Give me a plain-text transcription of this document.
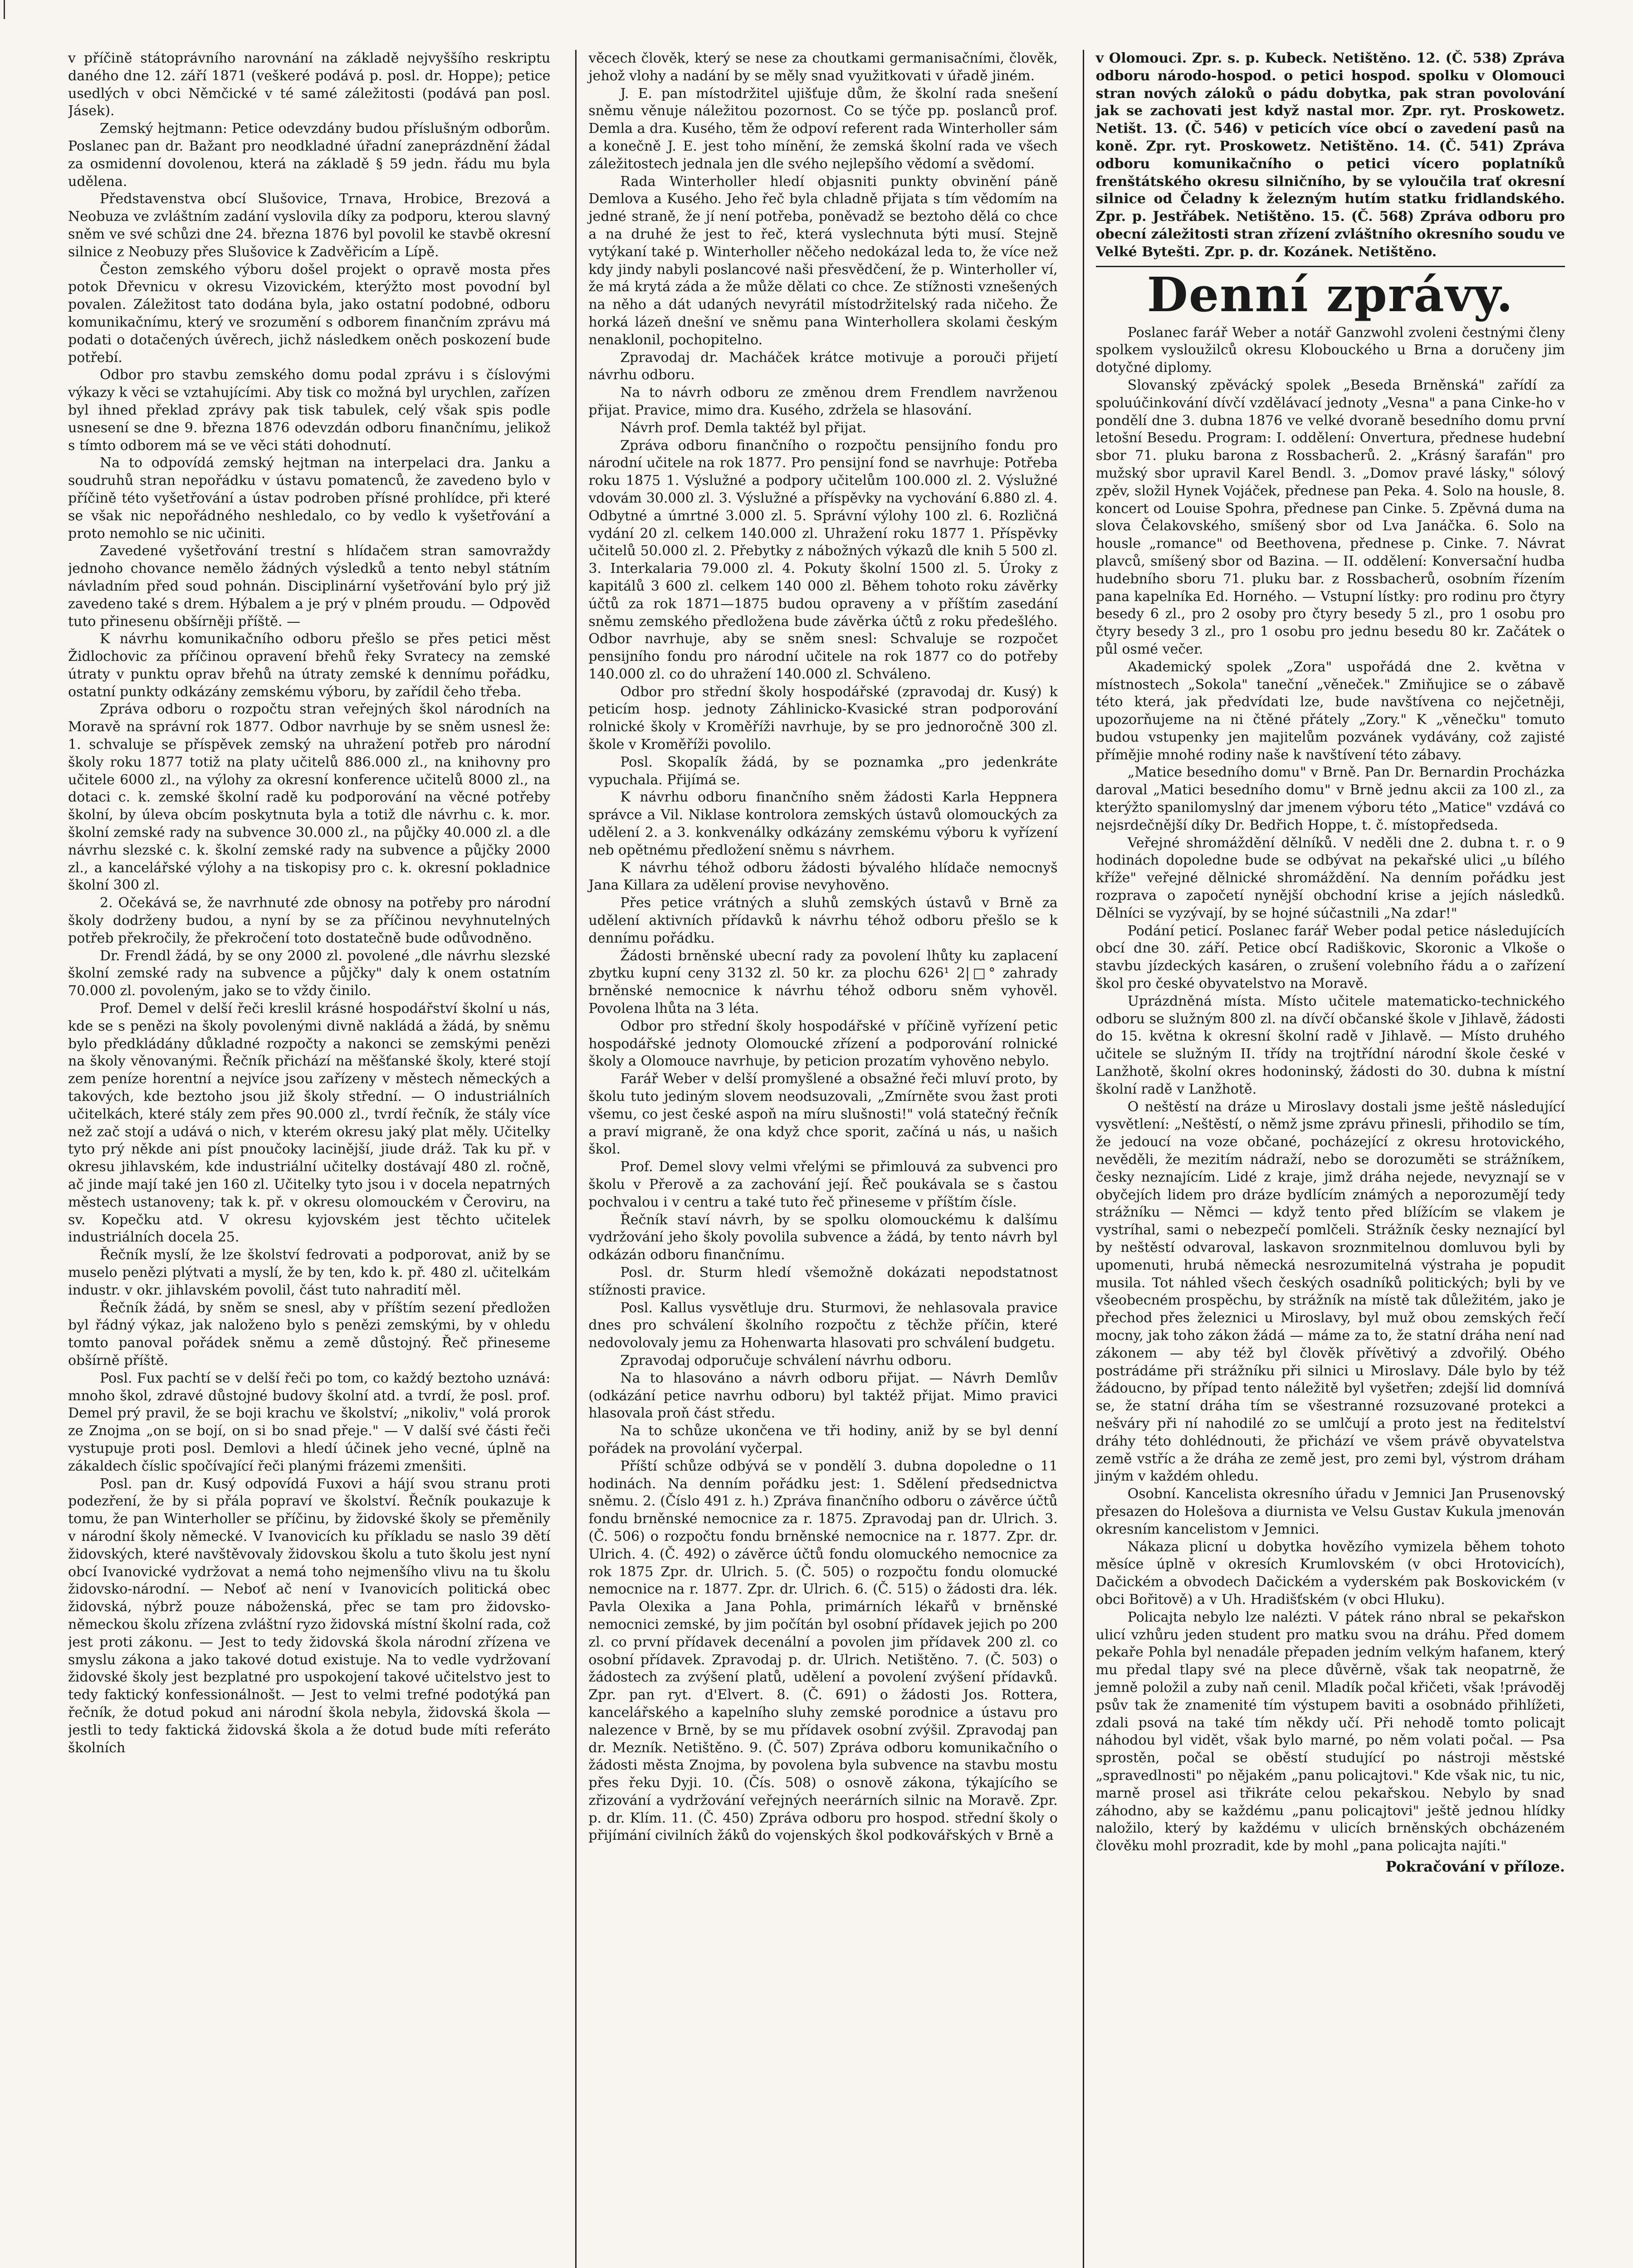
v příčině státoprávního narovnání na základě nejvyššího reskriptu daného dne 12. září 1871 (veškeré podává p. posl. dr. Hoppe); petice usedlých v obci Němčické v té samé záležitosti (podává pan posl. Jásek).

Zemský hejtmann: Petice odevzdány budou příslušným odborům. Poslanec pan dr. Bažant pro neodkladné úřadní zaneprázdnění žádal za osmidenní dovolenou, která na základě § 59 jedn. řádu mu byla udělena.

Představenstva obcí Slušovice, Trnava, Hrobice, Brezová a Neobuza ve zvláštním zadání vyslovila díky za podporu, kterou slavný sněm ve své schůzi dne 24. března 1876 byl povolil ke stavbě okresní silnice z Neobuzy přes Slušovice k Zadvěřicím a Lípě.

Česton zemského výboru došel projekt o opravě mosta přes potok Dřevnicu v okresu Vizovickém, kterýžto most povodní byl povalen. Záležitost tato dodána byla, jako ostatní podobné, odboru komunikačnímu, který ve srozumění s odborem finančním zprávu má podati o dotačených úvěrech, jichž následkem oněch poskození bude potřebí.

Odbor pro stavbu zemského domu podal zprávu i s číslovými výkazy k věci se vztahujícími. Aby tisk co možná byl urychlen, zařízen byl ihned překlad zprávy pak tisk tabulek, celý však spis podle usnesení se dne 9. března 1876 odevzdán odboru finančnímu, jelikož s tímto odborem má se ve věci státi dohodnutí.

Na to odpovídá zemský hejtman na interpelaci dra. Janku a soudruhů stran nepořádku v ústavu pomatenců, že zavedeno bylo v příčině této vyšetřování a ústav podroben přísné prohlídce, při které se však nic nepořádného neshledalo, co by vedlo k vyšetřování a proto nemohlo se nic učiniti.

Zavedené vyšetřování trestní s hlídačem stran samovraždy jednoho chovance nemělo žádných výsledků a tento nebyl státním návladním před soud pohnán. Disciplinární vyšetřování bylo prý již zavedeno také s drem. Hýbalem a je prý v plném proudu. — Odpověď tuto přinesenu obšírněji příště. —

K návrhu komunikačního odboru přešlo se přes petici měst Židlochovic za příčinou opravení břehů řeky Svratecy na zemské útraty v punktu oprav břehů na útraty zemské k dennímu pořádku, ostatní punkty odkázány zemskému výboru, by zařídil čeho třeba.

Zpráva odboru o rozpočtu stran veřejných škol národních na Moravě na správní rok 1877. Odbor navrhuje by se sněm usnesl že: 1. schvaluje se příspěvek zemský na uhražení potřeb pro národní školy roku 1877 totiž na platy učitelů 886.000 zl., na knihovny pro učitele 6000 zl., na výlohy za okresní konference učitelů 8000 zl., na dotaci c. k. zemské školní radě ku podporování na věcné potřeby školní, by úleva obcím poskytnuta byla a totiž dle návrhu c. k. mor. školní zemské rady na subvence 30.000 zl., na půjčky 40.000 zl. a dle návrhu slezské c. k. školní zemské rady na subvence a půjčky 2000 zl., a kancelářské výlohy a na tiskopisy pro c. k. okresní pokladnice školní 300 zl.

2. Očekává se, že navrhnuté zde obnosy na potřeby pro národní školy dodrženy budou, a nyní by se za příčinou nevyhnutelných potřeb překročily, že překročení toto dostatečně bude odůvodněno.

Dr. Frendl žádá, by se ony 2000 zl. povolené „dle návrhu slezské školní zemské rady na subvence a půjčky" daly k onem ostatním 70.000 zl. povoleným, jako se to vždy činilo.

Prof. Demel v delší řeči kreslil krásné hospodářství školní u nás, kde se s penězi na školy povolenými divně nakládá a žádá, by sněmu bylo předkládány důkladné rozpočty a nakonci se zemskými penězi na školy věnovanými. Řečník přichází na měšťanské školy, které stojí zem peníze horentní a nejvíce jsou zařízeny v městech německých a takových, kde beztoho jsou již školy střední. — O industriálních učitelkách, které stály zem přes 90.000 zl., tvrdí řečník, že stály více než zač stojí a udává o nich, v kterém okresu jaký plat měly. Učitelky tyto prý někde ani píst pnoučoky lacinější, jiude dráž. Tak ku př. v okresu jihlavském, kde industriální učitelky dostávají 480 zl. ročně, ač jinde mají také jen 160 zl. Učitelky tyto jsou i v docela nepatrných městech ustanoveny; tak k. př. v okresu olomouckém v Čeroviru, na sv. Kopečku atd. V okresu kyjovském jest těchto učitelek industriálních docela 25.

Řečník myslí, že lze školství fedrovati a podporovat, aniž by se muselo penězi plýtvati a myslí, že by ten, kdo k. př. 480 zl. učitelkám industr. v okr. jihlavském povolil, část tuto nahradití měl.

Řečník žádá, by sněm se snesl, aby v příštím sezení předložen byl řádný výkaz, jak naloženo bylo s penězi zemskými, by v ohledu tomto panoval pořádek sněmu a země důstojný. Řeč přineseme obšírně příště.

Posl. Fux pachtí se v delší řeči po tom, co každý beztoho uznává: mnoho škol, zdravé důstojné budovy školní atd. a tvrdí, že posl. prof. Demel prý pravil, že se boji krachu ve školství; „nikoliv," volá prorok ze Znojma „on se bojí, on si bo snad přeje." — V další své části řeči vystupuje proti posl. Demlovi a hledí účinek jeho vecné, úplně na zákaldech číslic spočívající řeči planými frázemi zmenšiti.

Posl. pan dr. Kusý odpovídá Fuxovi a hájí svou stranu proti podezření, že by si přála popraví ve školství. Řečník poukazuje k tomu, že pan Winterholler se příčinu, by židovské školy se přeměnily v národní školy německé. V Ivanovicích ku příkladu se naslo 39 dětí židovských, které navštěvovaly židovskou školu a tuto školu jest nyní obcí Ivanovické vydržovat a nemá toho nejmenšího vlivu na tu školu židovsko-národní. — Neboť ač není v Ivanovicích politická obec židovská, nýbrž pouze náboženská, přec se tam pro židovsko-německou školu zřízena zvláštní ryzo židovská místní školní rada, což jest proti zákonu. — Jest to tedy židovská škola národní zřízena ve smyslu zákona a jako takové dotud existuje. Na to vedle vydržovaní židovské školy jest bezplatné pro uspokojení takové učitelstvo jest to tedy faktický konfessionálnošt. — Jest to velmi trefné podotýká pan řečník, že dotud pokud ani národní škola nebyla, židovská škola — jestli to tedy faktická židovská škola a že dotud bude míti referáto školních

věcech člověk, který se nese za choutkami germanisačními, člověk, jehož vlohy a nadání by se měly snad využitkovati v úřadě jiném.

J. E. pan místodržitel ujišťuje dům, že školní rada snešení sněmu věnuje náležitou pozornost. Co se týče pp. poslanců prof. Demla a dra. Kusého, těm že odpoví referent rada Winterholler sám a konečně J. E. jest toho mínění, že zemská školní rada ve všech záležitostech jednala jen dle svého nejlepšího vědomí a svědomí.

Rada Winterholler hledí objasniti punkty obvinění páně Demlova a Kusého. Jeho řeč byla chladně přijata s tím vědomím na jedné straně, že jí není potřeba, poněvadž se beztoho dělá co chce a na druhé že jest to řeč, která vyslechnuta býti musí. Stejně vytýkaní také p. Winterholler něčeho nedokázal leda to, že více než kdy jindy nabyli poslancové naši přesvědčení, že p. Winterholler ví, že má krytá záda a že může dělati co chce. Ze stížnosti vznešených na něho a dát udaných nevyrátil místodržitelský rada ničeho. Že horká lázeň dnešní ve sněmu pana Winterhollera skolami českým nenaklonil, pochopitelno.

Zpravodaj dr. Macháček krátce motivuje a porouči přijetí návrhu odboru.

Na to návrh odboru ze změnou drem Frendlem navrženou přijat. Pravice, mimo dra. Kusého, zdržela se hlasování.

Návrh prof. Demla taktéž byl přijat.

Zpráva odboru finančního o rozpočtu pensijního fondu pro národní učitele na rok 1877. Pro pensijní fond se navrhuje: Potřeba roku 1875 1. Výslužné a podpory učitelům 100.000 zl. 2. Výslužné vdovám 30.000 zl. 3. Výslužné a příspěvky na vychování 6.880 zl. 4. Odbytné a úmrtné 3.000 zl. 5. Správní výlohy 100 zl. 6. Rozličná vydání 20 zl. celkem 140.000 zl. Uhražení roku 1877 1. Příspěvky učitelů 50.000 zl. 2. Přebytky z nábožných výkazů dle knih 5 500 zl. 3. Interkalaria 79.000 zl. 4. Pokuty školní 1500 zl. 5. Úroky z kapitálů 3 600 zl. celkem 140 000 zl. Během tohoto roku závěrky účtů za rok 1871—1875 budou opraveny a v příštím zasedání sněmu zemského předložena bude závěrka účtů z roku předešlého. Odbor navrhuje, aby se sněm snesl: Schvaluje se rozpočet pensijního fondu pro národní učitele na rok 1877 co do potřeby 140.000 zl. co do uhražení 140.000 zl. Schváleno.

Odbor pro střední školy hospodářské (zpravodaj dr. Kusý) k peticím hosp. jednoty Záhlinicko-Kvasické stran podporování rolnické školy v Kroměříži navrhuje, by se pro jednoročně 300 zl. škole v Kroměříži povolilo.

Posl. Skopalík žádá, by se poznamka „pro jedenkráte vypuchala. Přijímá se.

K návrhu odboru finančního sněm žádosti Karla Heppnera správce a Vil. Niklase kontrolora zemských ústavů olomouckých za udělení 2. a 3. konkvenálky odkázány zemskému výboru k vyřízení neb opětnému předložení sněmu s návrhem.

K návrhu téhož odboru žádosti bývalého hlídače nemocnyš Jana Killara za udělení provise nevyhověno.

Přes petice vrátných a sluhů zemských ústavů v Brně za udělení aktivních přídavků k návrhu téhož odboru přešlo se k dennímu pořádku.

Žádosti brněnské ubecní rady za povolení lhůty ku zaplacení zbytku kupní ceny 3132 zl. 50 kr. za plochu 626¹ 2|□° zahrady brněnské nemocnice k návrhu téhož odboru sněm vyhověl. Povolena lhůta na 3 léta.

Odbor pro střední školy hospodářské v příčině vyřízení petic hospodářské jednoty Olomoucké zřízení a podporování rolnické školy a Olomouce navrhuje, by peticion prozatím vyhověno nebylo.

Farář Weber v delší promyšlené a obsažné řeči mluví proto, by školu tuto jediným slovem neodsuzovali, „Zmírněte svou žast proti všemu, co jest české aspoň na míru slušnosti!" volá statečný řečník a praví migraně, že ona když chce sporit, začíná u nás, u našich škol.

Prof. Demel slovy velmi vřelými se přimlouvá za subvenci pro školu v Přerově a za zachování její. Řeč poukávala se s častou pochvalou i v centru a také tuto řeč přineseme v příštím čísle.

Řečník staví návrh, by se spolku olomouckému k dalšímu vydržování jeho školy povolila subvence a žádá, by tento návrh byl odkázán odboru finančnímu.

Posl. dr. Sturm hledí všemožně dokázati nepodstatnost stížnosti pravice.

Posl. Kallus vysvětluje dru. Sturmovi, že nehlasovala pravice dnes pro schválení školního rozpočtu z těchže příčin, které nedovolovaly jemu za Hohenwarta hlasovati pro schválení budgetu.

Zpravodaj odporučuje schválení návrhu odboru.

Na to hlasováno a návrh odboru přijat. — Návrh Demlův (odkázání petice navrhu odboru) byl taktéž přijat. Mimo pravici hlasovala proň část středu.

Na to schůze ukončena ve tři hodiny, aniž by se byl denní pořádek na provolání vyčerpal.

Příští schůze odbývá se v pondělí 3. dubna dopoledne o 11 hodinách. Na denním pořádku jest: 1. Sdělení předsednictva sněmu. 2. (Číslo 491 z. h.) Zpráva finančního odboru o závěrce účtů fondu brněnské nemocnice za r. 1875. Zpravodaj pan dr. Ulrich. 3. (Č. 506) o rozpočtu fondu brněnské nemocnice na r. 1877. Zpr. dr. Ulrich. 4. (Č. 492) o závěrce účtů fondu olomuckého nemocnice za rok 1875 Zpr. dr. Ulrich. 5. (Č. 505) o rozpočtu fondu olomucké nemocnice na r. 1877. Zpr. dr. Ulrich. 6. (Č. 515) o žádosti dra. lék. Pavla Olexika a Jana Pohla, primárních lékařů v brněnské nemocnici zemské, by jim počítán byl osobní přídavek jejich po 200 zl. co první přídavek decenální a povolen jim přídavek 200 zl. co osobní přídavek. Zpravodaj p. dr. Ulrich. Netištěno. 7. (Č. 503) o žádostech za zvýšení platů, udělení a povolení zvýšení přídavků. Zpr. pan ryt. d'Elvert. 8. (Č. 691) o žádosti Jos. Rottera, kancelářského a kapelního sluhy zemské porodnice a ústavu pro nalezence v Brně, by se mu přídavek osobní zvýšil. Zpravodaj pan dr. Mezník. Netištěno. 9. (Č. 507) Zpráva odboru komunikačního o žádosti města Znojma, by povolena byla subvence na stavbu mostu přes řeku Dyji. 10. (Čís. 508) o osnově zákona, týkajícího se zřizování a vydržování veřejných neerárních silnic na Moravě. Zpr. p. dr. Klím. 11. (Č. 450) Zpráva odboru pro hospod. střední školy o přijímání civilních žáků do vojenských škol podkovářských v Brně a

v Olomouci. Zpr. s. p. Kubeck. Netištěno. 12. (Č. 538) Zpráva odboru národo-hospod. o petici hospod. spolku v Olomouci stran nových záloků o pádu dobytka, pak stran povolování jak se zachovati jest když nastal mor. Zpr. ryt. Proskowetz. Netišt. 13. (Č. 546) v peticích více obcí o zavedení pasů na koně. Zpr. ryt. Proskowetz. Netištěno. 14. (Č. 541) Zpráva odboru komunikačního o petici vícero poplatníků frenštátského okresu silničního, by se vyloučila trať okresní silnice od Čeladny k železným hutím statku fridlandského. Zpr. p. Jestřábek. Netištěno. 15. (Č. 568) Zpráva odboru pro obecní záležitosti stran zřízení zvláštního okresního soudu ve Velké Bytešti. Zpr. p. dr. Kozánek. Netištěno.

Denní zprávy.

Poslanec farář Weber a notář Ganzwohl zvoleni čestnými členy spolkem vysloužilců okresu Klobouckého u Brna a doručeny jim dotyčné diplomy.

Slovanský zpěvácký spolek „Beseda Brněnská" zařídí za spoluúčinkování dívčí vzdělávací jednoty „Vesna" a pana Cinke-ho v pondělí dne 3. dubna 1876 ve velké dvoraně besedního domu první letošní Besedu. Program: I. oddělení: Onvertura, přednese hudební sbor 71. pluku barona z Rossbacherů. 2. „Krásný šarafán" pro mužský sbor upravil Karel Bendl. 3. „Domov pravé lásky," sólový zpěv, složil Hynek Vojáček, přednese pan Peka. 4. Solo na housle, 8. koncert od Louise Spohra, přednese pan Cinke. 5. Zpěvná duma na slova Čelakovského, smíšený sbor od Lva Janáčka. 6. Solo na housle „romance" od Beethovena, přednese p. Cinke. 7. Návrat plavců, smíšený sbor od Bazina. — II. oddělení: Konversační hudba hudebního sboru 71. pluku bar. z Rossbacherů, osobním řízením pana kapelníka Ed. Horného. — Vstupní lístky: pro rodinu pro čtyry besedy 6 zl., pro 2 osoby pro čtyry besedy 5 zl., pro 1 osobu pro čtyry besedy 3 zl., pro 1 osobu pro jednu besedu 80 kr. Začátek o půl osmé večer.

Akademický spolek „Zora" uspořádá dne 2. května v místnostech „Sokola" taneční „věneček." Zmiňujice se o zábavě této která, jak předvídati lze, bude navštívena co nejčetněji, upozorňujeme na ni čtěné přátely „Zory." K „věnečku" tomuto budou vstupenky jen majitelům pozvánek vydávány, což zajisté přímějie mnohé rodiny naše k navštívení této zábavy.

„Matice besedního domu" v Brně. Pan Dr. Bernardin Procházka daroval „Matici besedního domu" v Brně jednu akcii za 100 zl., za kterýžto spanilomyslný dar jmenem výboru této „Matice" vzdává co nejsrdečnější díky Dr. Bedřich Hoppe, t. č. místopředseda.

Veřejné shromáždění dělníků. V neděli dne 2. dubna t. r. o 9 hodinách dopoledne bude se odbývat na pekařské ulici „u bílého kříže" veřejné dělnické shromáždění. Na denním pořádku jest rozprava o započetí nynější obchodní krise a jejích následků. Dělníci se vyzývají, by se hojné súčastnili „Na zdar!"

Podání peticí. Poslanec farář Weber podal petice následujících obcí dne 30. září. Petice obcí Radiškovic, Skoronic a Vlkoše o stavbu jízdeckých kasáren, o zrušení volebního řádu a o zařízení škol pro české obyvatelstvo na Moravě.

Uprázdněná místa. Místo učitele matematicko-technického odboru se služným 800 zl. na dívčí občanské škole v Jihlavě, žádosti do 15. května k okresní školní radě v Jihlavě. — Místo druhého učitele se služným II. třídy na trojtřídní národní škole české v Lanžhotě, školní okres hodoninský, žádosti do 30. dubna k místní školní radě v Lanžhotě.

O neštěstí na dráze u Miroslavy dostali jsme ještě následující vysvětlení: „Neštěstí, o němž jsme zprávu přinesli, přihodilo se tím, že jedoucí na voze občané, pocházející z okresu hrotovického, nevěděli, že mezitím nádraží, nebo se dorozuměti se strážníkem, česky neznajícím. Lidé z kraje, jimž dráha nejede, nevyznají se v obyčejích lidem pro dráze bydlícím známých a neporozumějí tedy strážníku — Němci — když tento před blížícím se vlakem je vystríhal, sami o nebezpečí pomlčeli. Strážník česky neznající byl by neštěstí odvaroval, laskavon sroznmitelnou domluvou byli by upomenuti, hrubá německá nesrozumitelná výstraha je popudit musila. Tot náhled všech českých osadníků politických; byli by ve všeobecném prospěchu, by strážník na místě tak důležitém, jako je přechod přes železnici u Miroslavy, byl muž obou zemských řečí mocny, jak toho zákon žádá — máme za to, že statní dráha není nad zákonem — aby též byl člověk přívětivý a zdvořilý. Obého postrádáme při strážníku při silnici u Miroslavy. Dále bylo by též žádoucno, by případ tento náležitě byl vyšetřen; zdejší lid domnívá se, že statní dráha tím se všestranné rozsuzované protekci a nešváry při ní nahodilé zo se umlčují a proto jest na ředitelství dráhy této dohlédnouti, že přichází ve všem právě obyvatelstva země vstříc a že dráha ze země jest, pro zemi byl, výstrom dráham jiným v každém ohledu.

Osobní. Kancelista okresního úřadu v Jemnici Jan Prusenovský přesazen do Holešova a diurnista ve Velsu Gustav Kukula jmenován okresním kancelistom v Jemnici.

Nákaza plicní u dobytka hovězího vymizela během tohoto měsíce úplně v okresích Krumlovském (v obci Hrotovicích), Dačickém a obvodech Dačickém a vyderském pak Boskovickém (v obci Bořitově) a v Uh. Hradišťském (v obci Hluku).

Policajta nebylo lze nalézti. V pátek ráno nbral se pekařskon ulicí vzhůru jeden student pro matku svou na dráhu. Před domem pekaře Pohla byl nenadále přepaden jedním velkým hafanem, který mu předal tlapy své na plece důvěrně, však tak neopatrně, že jemně položil a zuby naň cenil. Mladík počal křičeti, však !právoděj psův tak že znamenité tím výstupem baviti a osobnádo přihlížeti, zdali psová na také tím někdy učí. Při nehodě tomto policajt náhodou byl vidět, však bylo marné, po něm volati počal. — Psa sprostěn, počal se oběstí studující po nástroji městské „spravedlnosti" po nějakém „panu policajtovi." Kde však nic, tu nic, marně prosel asi třikráte celou pekařskou. Nebylo by snad záhodno, aby se každému „panu policajtovi" ještě jednou hlídky naložilo, který by každému v ulicích brněnských obcházeném člověku mohl prozradit, kde by mohl „pana policajta najíti."

Pokračování v příloze.
